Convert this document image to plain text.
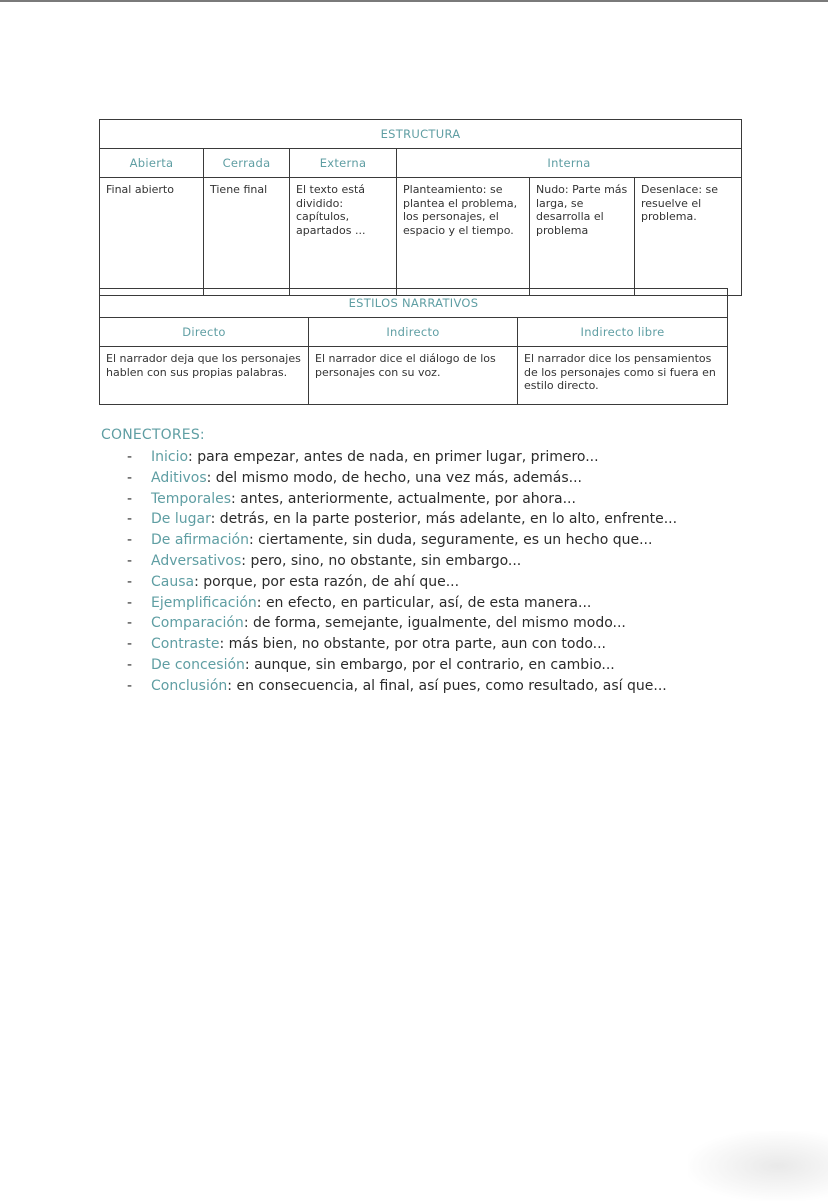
ESTRUCTURA					
Abierta	Cerrada	Externa	Interna		
Final abierto	Tiene final	El texto está dividido: capítulos, apartados ...	Planteamiento: se plantea el problema, los personajes, el espacio y el tiempo.	Nudo: Parte más larga, se desarrolla el problema	Desenlace: se resuelve el problema.
ESTILOS NARRATIVOS		
Directo	Indirecto	Indirecto libre
El narrador deja que los personajes hablen con sus propias palabras.	El narrador dice el diálogo de los personajes con su voz.	El narrador dice los pensamientos de los personajes como si fuera en estilo directo.
CONECTORES:
- Inicio: para empezar, antes de nada, en primer lugar, primero...
- Aditivos: del mismo modo, de hecho, una vez más, además...
- Temporales: antes, anteriormente, actualmente, por ahora...
- De lugar: detrás, en la parte posterior, más adelante, en lo alto, enfrente...
- De afirmación: ciertamente, sin duda, seguramente, es un hecho que...
- Adversativos: pero, sino, no obstante, sin embargo...
- Causa: porque, por esta razón, de ahí que...
- Ejemplificación: en efecto, en particular, así, de esta manera...
- Comparación: de forma, semejante, igualmente, del mismo modo...
- Contraste: más bien, no obstante, por otra parte, aun con todo...
- De concesión: aunque, sin embargo, por el contrario, en cambio...
- Conclusión: en consecuencia, al final, así pues, como resultado, así que...
